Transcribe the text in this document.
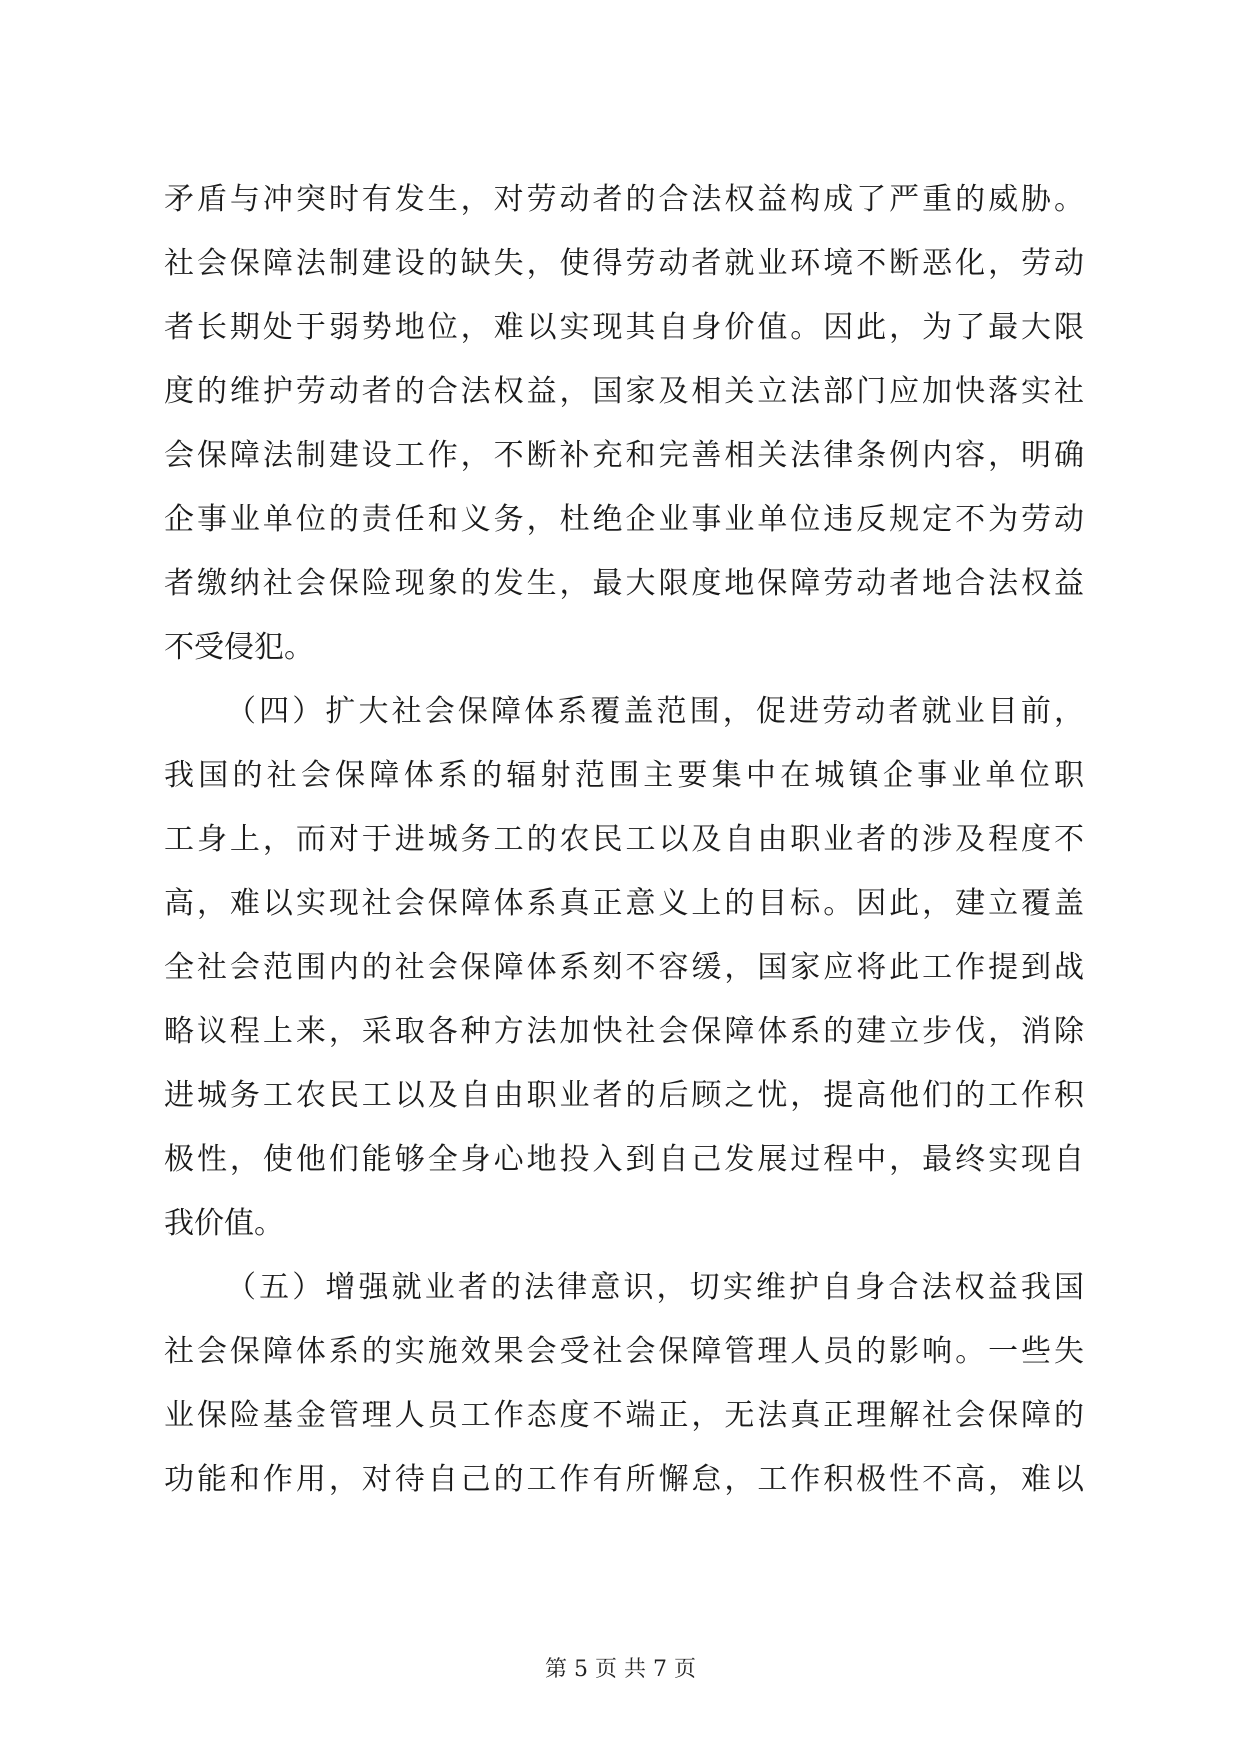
矛盾与冲突时有发生，对劳动者的合法权益构成了严重的威胁。
社会保障法制建设的缺失，使得劳动者就业环境不断恶化，劳动
者长期处于弱势地位，难以实现其自身价值。因此，为了最大限
度的维护劳动者的合法权益，国家及相关立法部门应加快落实社
会保障法制建设工作，不断补充和完善相关法律条例内容，明确
企事业单位的责任和义务，杜绝企业事业单位违反规定不为劳动
者缴纳社会保险现象的发生，最大限度地保障劳动者地合法权益
不受侵犯。
（四）扩大社会保障体系覆盖范围，促进劳动者就业目前，
我国的社会保障体系的辐射范围主要集中在城镇企事业单位职
工身上，而对于进城务工的农民工以及自由职业者的涉及程度不
高，难以实现社会保障体系真正意义上的目标。因此，建立覆盖
全社会范围内的社会保障体系刻不容缓，国家应将此工作提到战
略议程上来，采取各种方法加快社会保障体系的建立步伐，消除
进城务工农民工以及自由职业者的后顾之忧，提高他们的工作积
极性，使他们能够全身心地投入到自己发展过程中，最终实现自
我价值。
（五）增强就业者的法律意识，切实维护自身合法权益我国
社会保障体系的实施效果会受社会保障管理人员的影响。一些失
业保险基金管理人员工作态度不端正，无法真正理解社会保障的
功能和作用，对待自己的工作有所懈怠，工作积极性不高，难以
第 5 页 共 7 页
